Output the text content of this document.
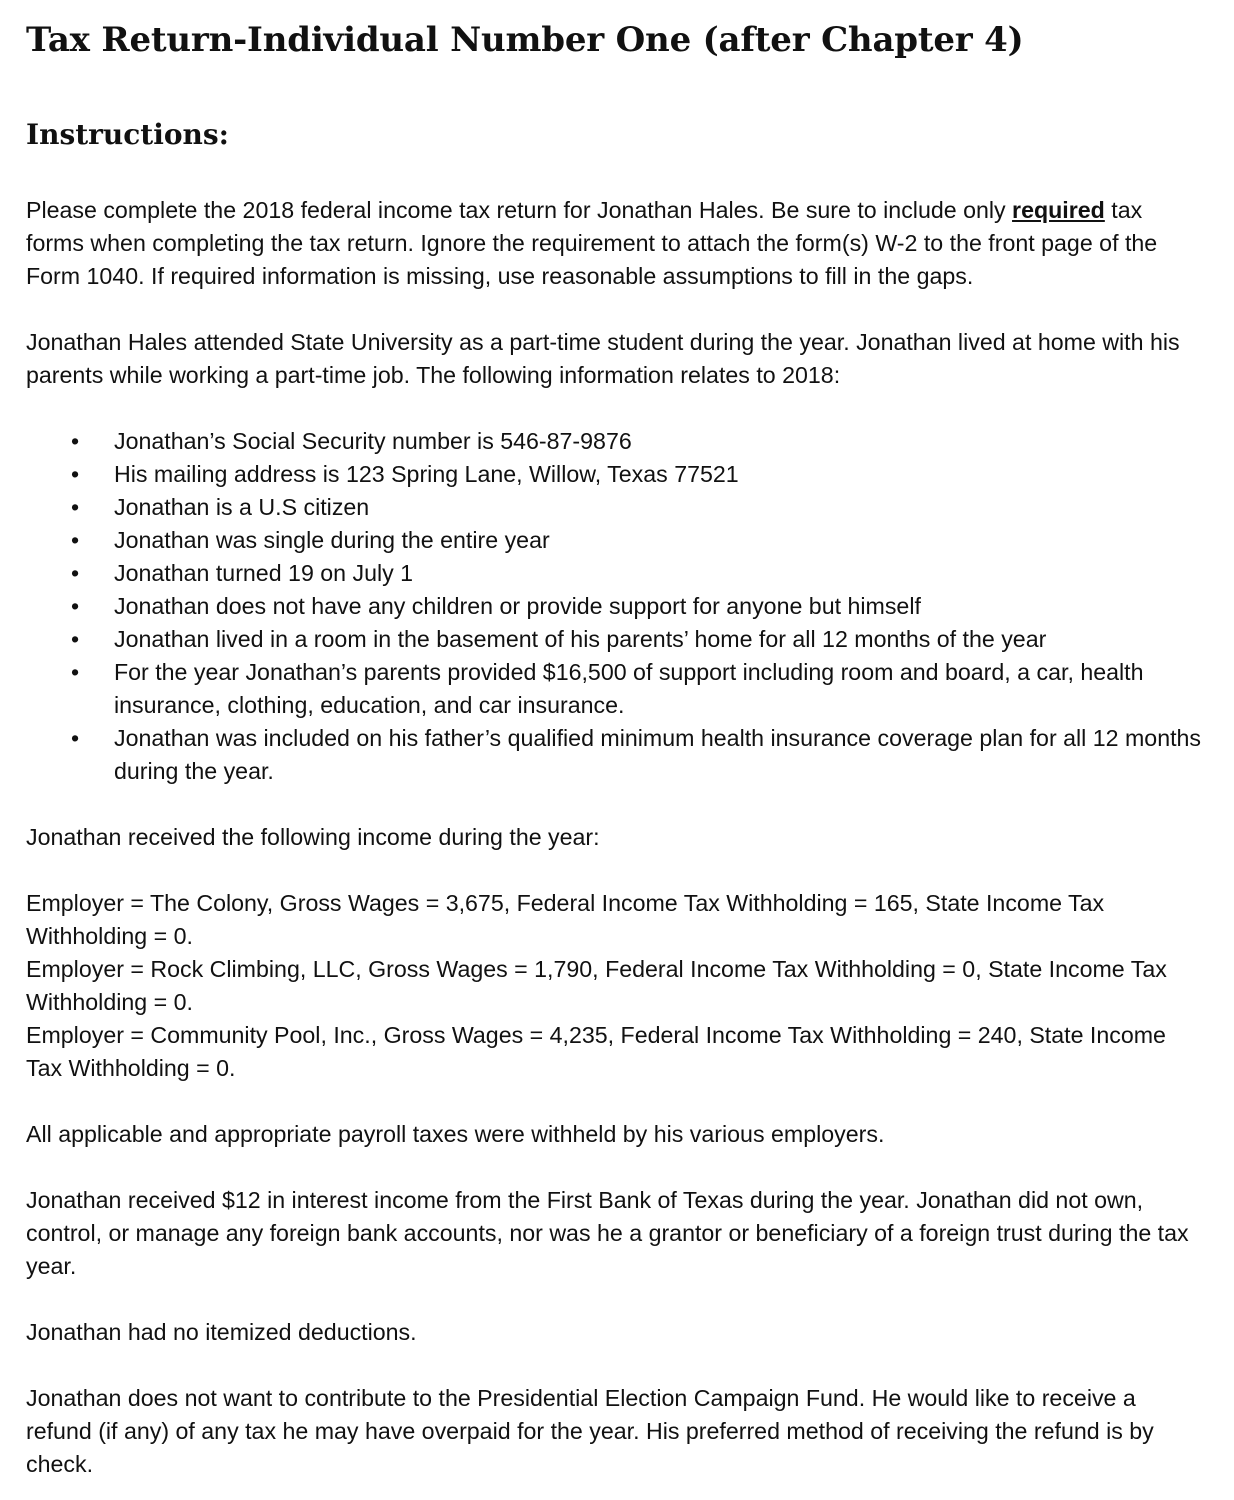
Tax Return-Individual Number One (after Chapter 4)
Instructions:

Please complete the 2018 federal income tax return for Jonathan Hales. Be sure to include only required tax forms when completing the tax return. Ignore the requirement to attach the form(s) W-2 to the front page of the Form 1040. If required information is missing, use reasonable assumptions to fill in the gaps.

Jonathan Hales attended State University as a part-time student during the year. Jonathan lived at home with his parents while working a part-time job. The following information relates to 2018:

• Jonathan’s Social Security number is 546-87-9876
• His mailing address is 123 Spring Lane, Willow, Texas 77521
• Jonathan is a U.S citizen
• Jonathan was single during the entire year
• Jonathan turned 19 on July 1
• Jonathan does not have any children or provide support for anyone but himself
• Jonathan lived in a room in the basement of his parents’ home for all 12 months of the year
• For the year Jonathan’s parents provided $16,500 of support including room and board, a car, health insurance, clothing, education, and car insurance.
• Jonathan was included on his father’s qualified minimum health insurance coverage plan for all 12 months during the year.

Jonathan received the following income during the year:

Employer = The Colony, Gross Wages = 3,675, Federal Income Tax Withholding = 165, State Income Tax Withholding = 0.

Employer = Rock Climbing, LLC, Gross Wages = 1,790, Federal Income Tax Withholding = 0, State Income Tax Withholding = 0.

Employer = Community Pool, Inc., Gross Wages = 4,235, Federal Income Tax Withholding = 240, State Income Tax Withholding = 0.

All applicable and appropriate payroll taxes were withheld by his various employers.

Jonathan received $12 in interest income from the First Bank of Texas during the year. Jonathan did not own, control, or manage any foreign bank accounts, nor was he a grantor or beneficiary of a foreign trust during the tax year.

Jonathan had no itemized deductions.

Jonathan does not want to contribute to the Presidential Election Campaign Fund. He would like to receive a refund (if any) of any tax he may have overpaid for the year. His preferred method of receiving the refund is by check.
